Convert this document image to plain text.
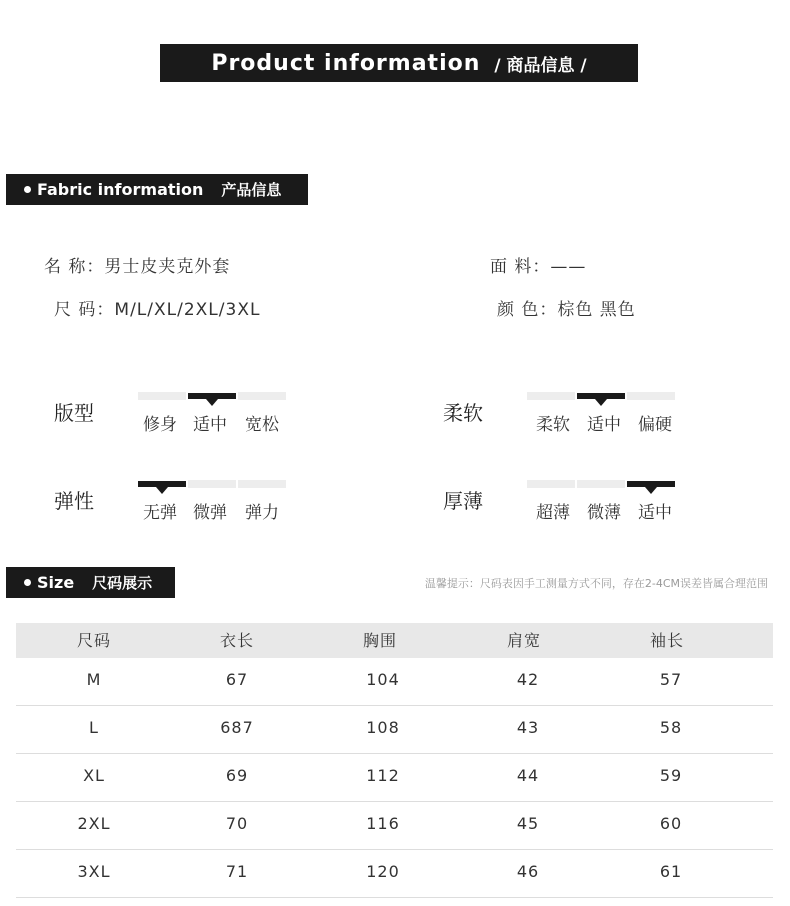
Product information / 商品信息 /
Fabric information 产品信息
名 称：男士皮夹克外套	面 料：——
尺 码：M/L/XL/2XL/3XL	颜 色：棕色 黑色
版型	修身 适中	宽松	柔软	柔软	适中	偏硬
弹性	无弹 微弹	弹力	厚薄	超薄	微薄	适中
Size 尺码展示	温馨提示：尺码表因手工测量方式不同，存在2-4CM误差皆属合理范围
尺码	衣长	胸围	肩宽	袖长
M	67	104	42	57
L	687	108	43	58
XL	69	112	44	59
2XL	70	116	45	60
3XL	71	120	46	61
